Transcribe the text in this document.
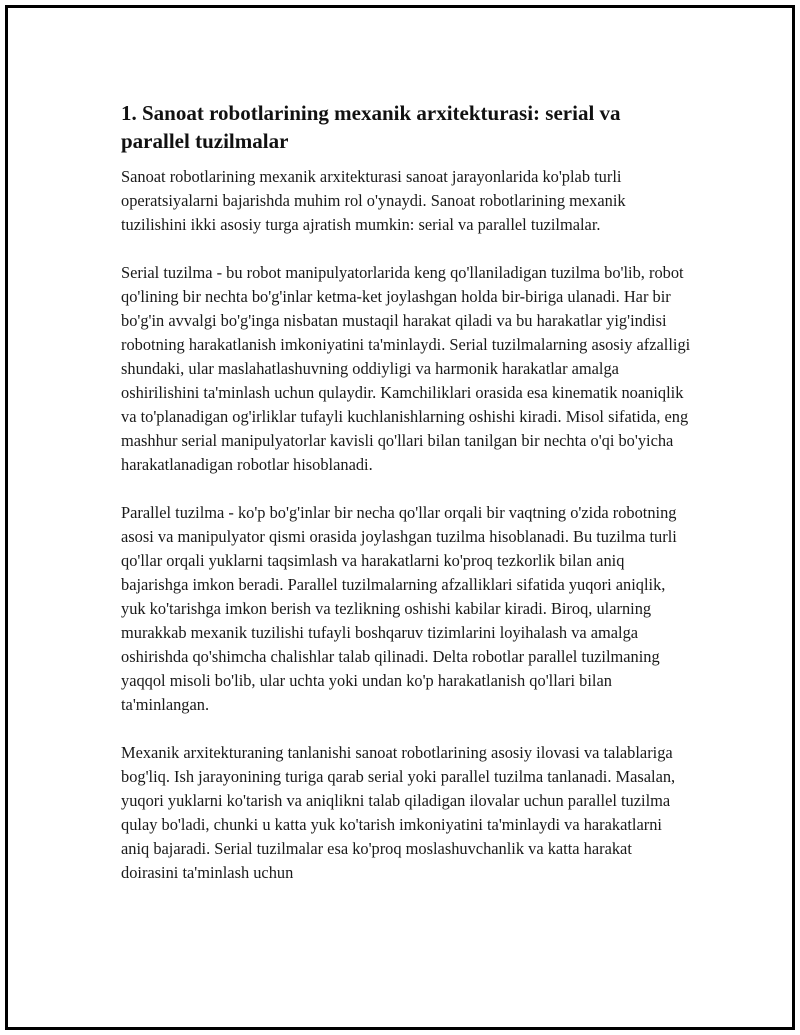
1. Sanoat robotlarining mexanik arxitekturasi: serial va parallel tuzilmalar

Sanoat robotlarining mexanik arxitekturasi sanoat jarayonlarida ko'plab turli operatsiyalarni bajarishda muhim rol o'ynaydi. Sanoat robotlarining mexanik tuzilishini ikki asosiy turga ajratish mumkin: serial va parallel tuzilmalar.

Serial tuzilma - bu robot manipulyatorlarida keng qo'llaniladigan tuzilma bo'lib, robot qo'lining bir nechta bo'g'inlar ketma-ket joylashgan holda bir-biriga ulanadi. Har bir bo'g'in avvalgi bo'g'inga nisbatan mustaqil harakat qiladi va bu harakatlar yig'indisi robotning harakatlanish imkoniyatini ta'minlaydi. Serial tuzilmalarning asosiy afzalligi shundaki, ular maslahatlashuvning oddiyligi va harmonik harakatlar amalga oshirilishini ta'minlash uchun qulaydir. Kamchiliklari orasida esa kinematik noaniqlik va to'planadigan og'irliklar tufayli kuchlanishlarning oshishi kiradi. Misol sifatida, eng mashhur serial manipulyatorlar kavisli qo'llari bilan tanilgan bir nechta o'qi bo'yicha harakatlanadigan robotlar hisoblanadi.

Parallel tuzilma - ko'p bo'g'inlar bir necha qo'llar orqali bir vaqtning o'zida robotning asosi va manipulyator qismi orasida joylashgan tuzilma hisoblanadi. Bu tuzilma turli qo'llar orqali yuklarni taqsimlash va harakatlarni ko'proq tezkorlik bilan aniq bajarishga imkon beradi. Parallel tuzilmalarning afzalliklari sifatida yuqori aniqlik, yuk ko'tarishga imkon berish va tezlikning oshishi kabilar kiradi. Biroq, ularning murakkab mexanik tuzilishi tufayli boshqaruv tizimlarini loyihalash va amalga oshirishda qo'shimcha chalishlar talab qilinadi. Delta robotlar parallel tuzilmaning yaqqol misoli bo'lib, ular uchta yoki undan ko'p harakatlanish qo'llari bilan ta'minlangan.

Mexanik arxitekturaning tanlanishi sanoat robotlarining asosiy ilovasi va talablariga bog'liq. Ish jarayonining turiga qarab serial yoki parallel tuzilma tanlanadi. Masalan, yuqori yuklarni ko'tarish va aniqlikni talab qiladigan ilovalar uchun parallel tuzilma qulay bo'ladi, chunki u katta yuk ko'tarish imkoniyatini ta'minlaydi va harakatlarni aniq bajaradi. Serial tuzilmalar esa ko'proq moslashuvchanlik va katta harakat doirasini ta'minlash uchun
